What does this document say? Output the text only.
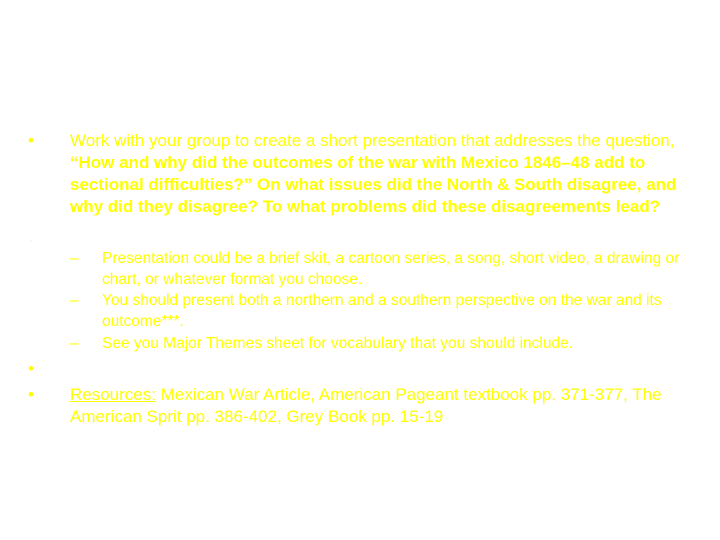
•	Work with your group to create a short presentation that addresses the question, “How and why did the outcomes of the war with Mexico 1846–48 add to sectional difficulties?” On what issues did the North & South disagree, and why did they disagree? To what problems did these disagreements lead?
·
–	Presentation could be a brief skit, a cartoon series, a song, short video, a drawing or chart, or whatever format you choose.
–	You should present both a northern and a southern perspective on the war and its outcome***.
–	See you Major Themes sheet for vocabulary that you should include.
•
•	Resources: Mexican War Article, American Pageant textbook pp. 371-377, The American Sprit pp. 386-402, Grey Book pp. 15-19
